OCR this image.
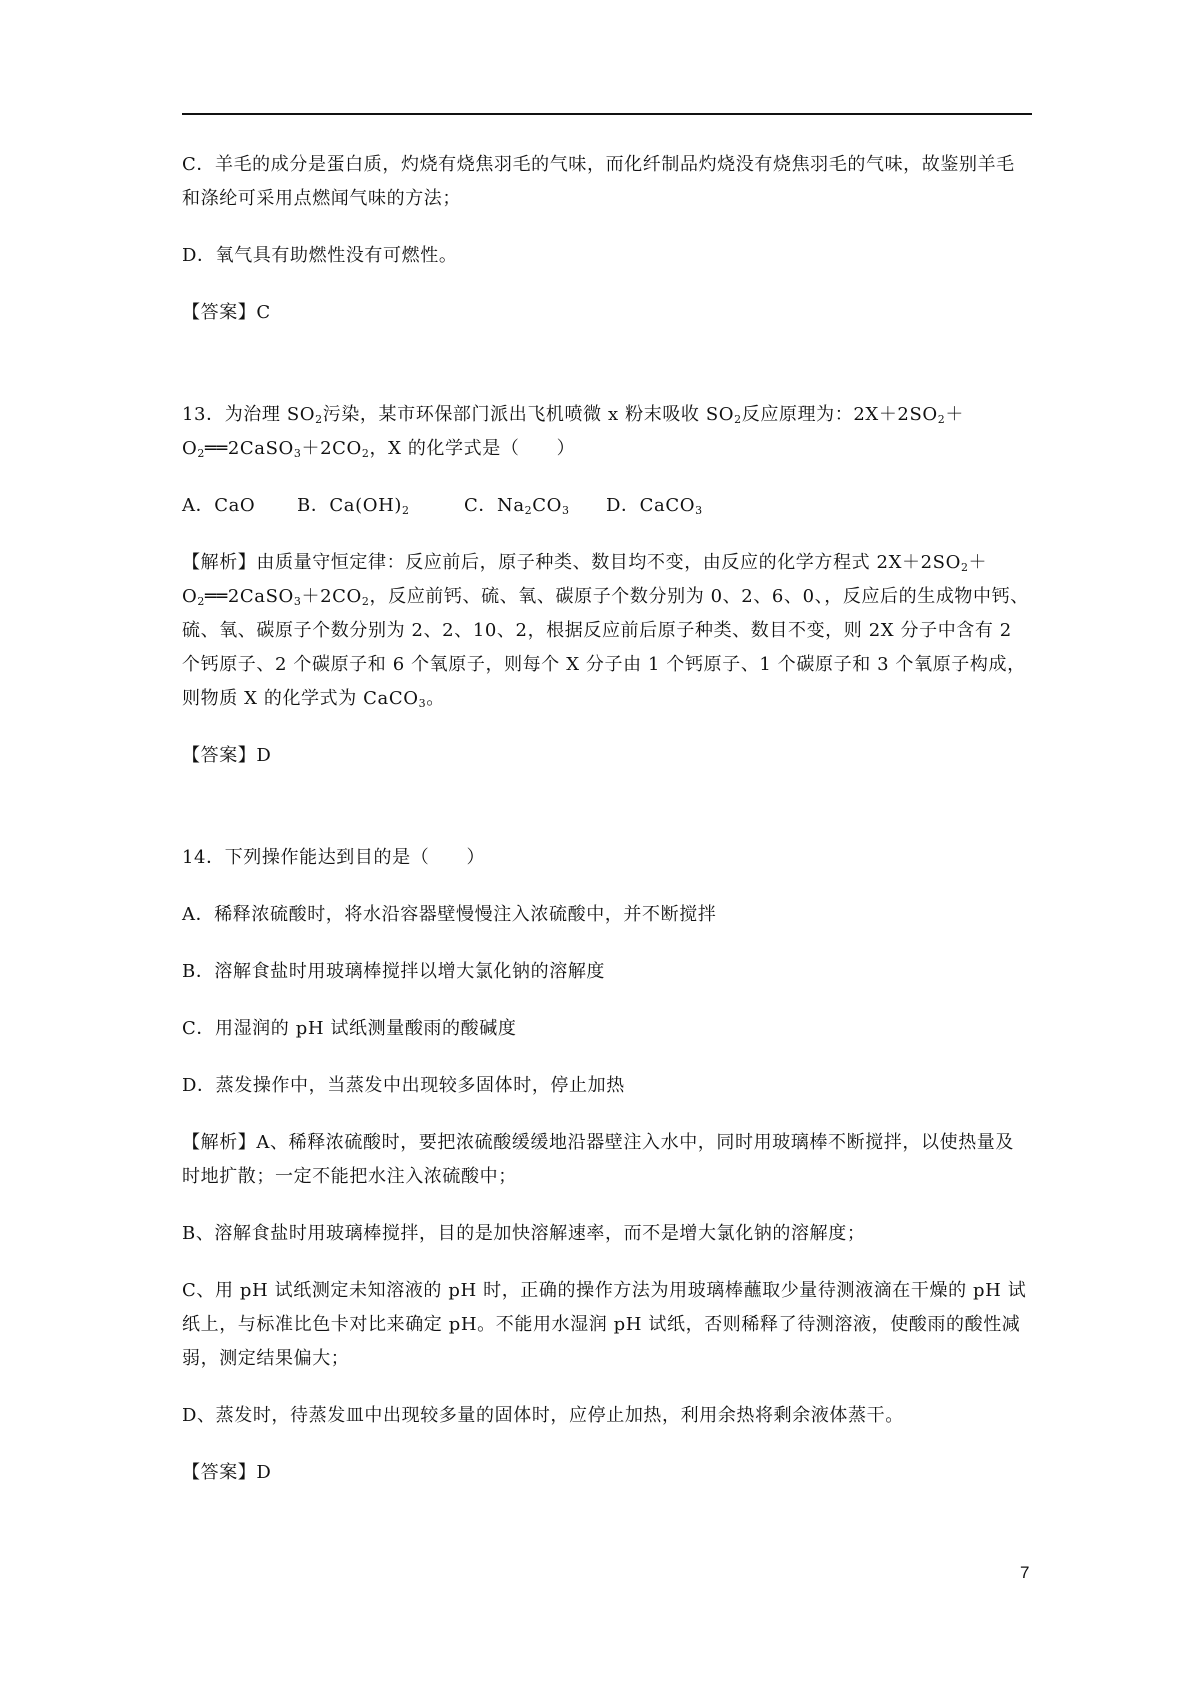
C．羊毛的成分是蛋白质，灼烧有烧焦羽毛的气味，而化纤制品灼烧没有烧焦羽毛的气味，故鉴别羊毛和涤纶可采用点燃闻气味的方法；

D．氧气具有助燃性没有可燃性。

【答案】C

13．为治理 $SO_2$污染，某市环保部门派出飞机喷微 x 粉末吸收 $SO_2$反应原理为：$2X+2SO_2+O_2══2CaSO_3+2CO_2$，X 的化学式是（　　）

A．CaO	B．$Ca(OH)_2$	C．$Na_2CO_3$	D．CaCO$_3$

【解析】由质量守恒定律：反应前后，原子种类、数目均不变，由反应的化学方程式 $2X+2SO_2+O_2══2CaSO_3+2CO_2$，反应前钙、硫、氧、碳原子个数分别为 0、2、6、0、，反应后的生成物中钙、硫、氧、碳原子个数分别为 2、2、10、2，根据反应前后原子种类、数目不变，则 2X 分子中含有 2 个钙原子、2 个碳原子和 6 个氧原子，则每个 X 分子由 1 个钙原子、1 个碳原子和 3 个氧原子构成，则物质 X 的化学式为 CaCO$_3$。

【答案】D

14．下列操作能达到目的是（　　）

A．稀释浓硫酸时，将水沿容器壁慢慢注入浓硫酸中，并不断搅拌

B．溶解食盐时用玻璃棒搅拌以增大氯化钠的溶解度

C．用湿润的 pH 试纸测量酸雨的酸碱度

D．蒸发操作中，当蒸发中出现较多固体时，停止加热

【解析】A、稀释浓硫酸时，要把浓硫酸缓缓地沿器壁注入水中，同时用玻璃棒不断搅拌，以使热量及时地扩散；一定不能把水注入浓硫酸中；

B、溶解食盐时用玻璃棒搅拌，目的是加快溶解速率，而不是增大氯化钠的溶解度；

C、用 pH 试纸测定未知溶液的 pH 时，正确的操作方法为用玻璃棒蘸取少量待测液滴在干燥的 pH 试纸上，与标准比色卡对比来确定 pH。不能用水湿润 pH 试纸，否则稀释了待测溶液，使酸雨的酸性减弱，测定结果偏大；

D、蒸发时，待蒸发皿中出现较多量的固体时，应停止加热，利用余热将剩余液体蒸干。

【答案】D

7
